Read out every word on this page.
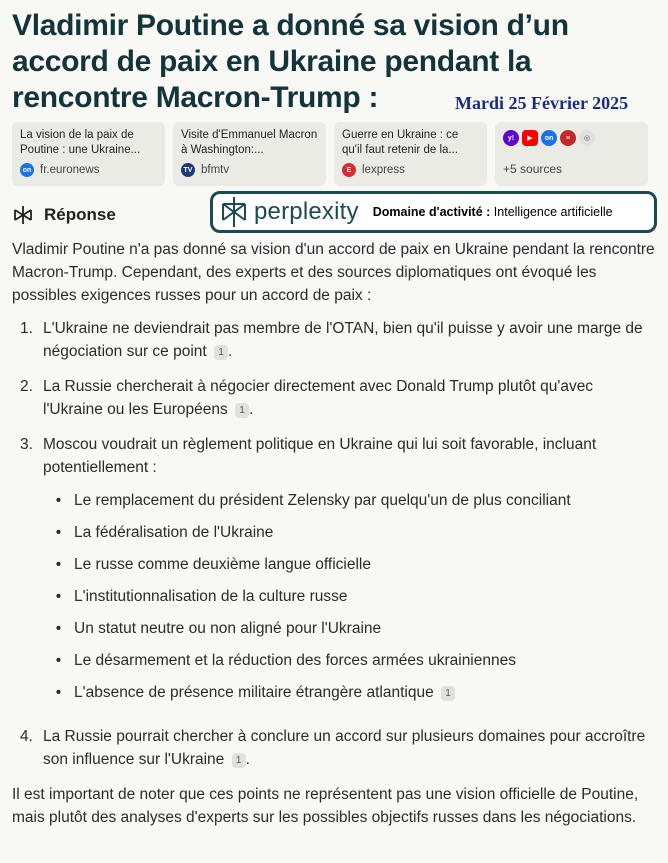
Vladimir Poutine a donné sa vision d’un accord de paix en Ukraine pendant la rencontre Macron-Trump :	Mardi 25 Février 2025
La vision de la paix de Poutine : une Ukraine...
on fr.euronews
Visite d'Emmanuel Macron à Washington:...
TV bfmtv
Guerre en Ukraine : ce qu'il faut retenir de la...
E lexpress
y!	▶	on	≡	◎
+5 sources
Réponse	perplexity Domaine d'activité : Intelligence artificielle

Vladimir Poutine n'a pas donné sa vision d'un accord de paix en Ukraine pendant la rencontre Macron-Trump. Cependant, des experts et des sources diplomatiques ont évoqué les possibles exigences russes pour un accord de paix :

1. L'Ukraine ne deviendrait pas membre de l'OTAN, bien qu'il puisse y avoir une marge de négociation sur ce point 1 .
2. La Russie chercherait à négocier directement avec Donald Trump plutôt qu'avec l'Ukraine ou les Européens 1 .
3. Moscou voudrait un règlement politique en Ukraine qui lui soit favorable, incluant potentiellement :
• Le remplacement du président Zelensky par quelqu'un de plus conciliant
• La fédéralisation de l'Ukraine
• Le russe comme deuxième langue officielle
• L'institutionnalisation de la culture russe
• Un statut neutre ou non aligné pour l'Ukraine
• Le désarmement et la réduction des forces armées ukrainiennes
• L'absence de présence militaire étrangère atlantique 1
4. La Russie pourrait chercher à conclure un accord sur plusieurs domaines pour accroître son influence sur l'Ukraine 1 .

Il est important de noter que ces points ne représentent pas une vision officielle de Poutine, mais plutôt des analyses d'experts sur les possibles objectifs russes dans les négociations.
